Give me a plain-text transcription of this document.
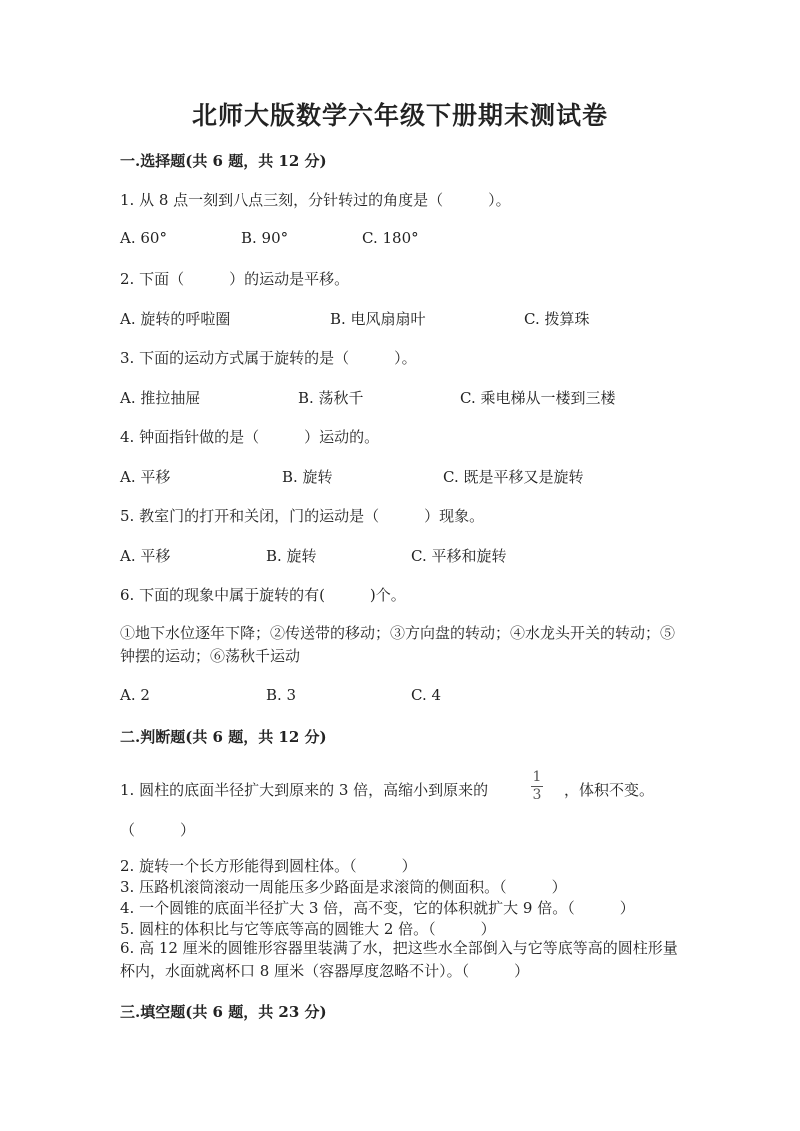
北师大版数学六年级下册期末测试卷
一.选择题(共 6 题，共 12 分)
1. 从 8 点一刻到八点三刻，分针转过的角度是（　　　）。
A. 60°	B. 90°	C. 180°
2. 下面（　　　）的运动是平移。
A. 旋转的呼啦圈	B. 电风扇扇叶	C. 拨算珠
3. 下面的运动方式属于旋转的是（　　　）。
A. 推拉抽屉	B. 荡秋千	C. 乘电梯从一楼到三楼
4. 钟面指针做的是（　　　）运动的。
A. 平移	B. 旋转	C. 既是平移又是旋转
5. 教室门的打开和关闭，门的运动是（　　　）现象。
A. 平移	B. 旋转	C. 平移和旋转
6. 下面的现象中属于旋转的有(　　　)个。
①地下水位逐年下降；②传送带的移动；③方向盘的转动；④水龙头开关的转动；⑤钟摆的运动；⑥荡秋千运动
A. 2	B. 3	C. 4
二.判断题(共 6 题，共 12 分)
1. 圆柱的底面半径扩大到原来的 3 倍，高缩小到原来的
1
3 ，体积不变。
（　　　）
2. 旋转一个长方形能得到圆柱体。（　　　）
3. 压路机滚筒滚动一周能压多少路面是求滚筒的侧面积。（　　　）
4. 一个圆锥的底面半径扩大 3 倍，高不变，它的体积就扩大 9 倍。（　　　）
5. 圆柱的体积比与它等底等高的圆锥大 2 倍。（　　　）
6. 高 12 厘米的圆锥形容器里装满了水，把这些水全部倒入与它等底等高的圆柱形量杯内，水面就离杯口 8 厘米（容器厚度忽略不计）。（　　　）
三.填空题(共 6 题，共 23 分)
